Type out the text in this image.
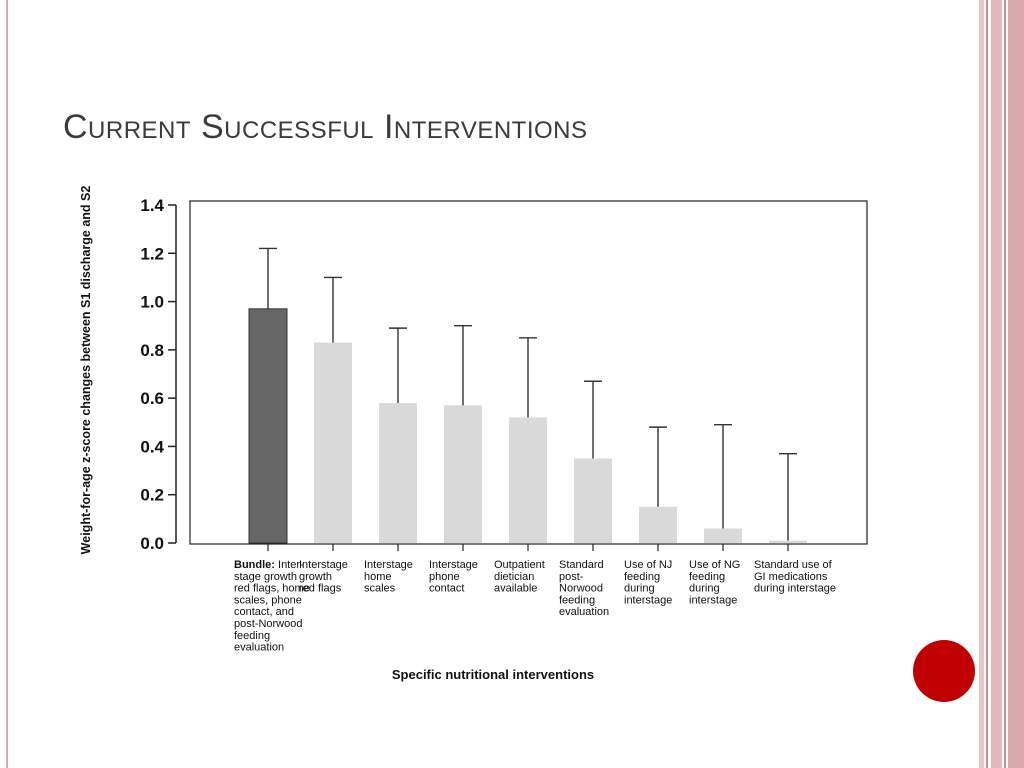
Current Successful Interventions
0.0
0.2
0.4
0.6
0.8
1.0
1.2
1.4
Bundle: Inter-stage growth red flags, home scales, phone contact, and post-Norwood feeding evaluation
Interstage growth red flags
Interstage home scales
Interstage phone contact
Outpatient dietician available
Standard post-Norwood feeding evaluation
Use of NJ feeding during interstage
Use of NG feeding during interstage
Standard use of GI medications during interstage
Weight-for-age z-score changes between S1 discharge and S2
Specific nutritional interventions
